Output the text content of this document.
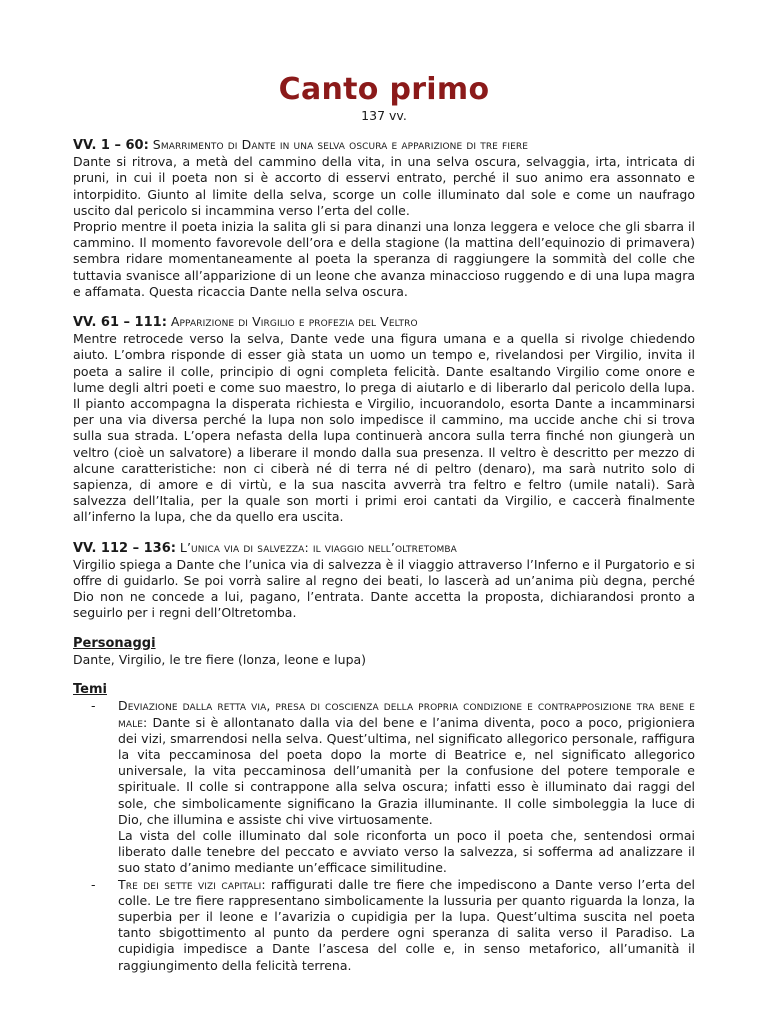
Canto primo
137 vv.

VV. 1 – 60: Smarrimento di Dante in una selva oscura e apparizione di tre fiere

Dante si ritrova, a metà del cammino della vita, in una selva oscura, selvaggia, irta, intricata di pruni, in cui il poeta non si è accorto di esservi entrato, perché il suo animo era assonnato e intorpidito. Giunto al limite della selva, scorge un colle illuminato dal sole e come un naufrago uscito dal pericolo si incammina verso l’erta del colle.

Proprio mentre il poeta inizia la salita gli si para dinanzi una lonza leggera e veloce che gli sbarra il cammino. Il momento favorevole dell’ora e della stagione (la mattina dell’equinozio di primavera) sembra ridare momentaneamente al poeta la speranza di raggiungere la sommità del colle che tuttavia svanisce all’apparizione di un leone che avanza minaccioso ruggendo e di una lupa magra e affamata. Questa ricaccia Dante nella selva oscura.

VV. 61 – 111: Apparizione di Virgilio e profezia del Veltro

Mentre retrocede verso la selva, Dante vede una figura umana e a quella si rivolge chiedendo aiuto. L’ombra risponde di esser già stata un uomo un tempo e, rivelandosi per Virgilio, invita il poeta a salire il colle, principio di ogni completa felicità. Dante esaltando Virgilio come onore e lume degli altri poeti e come suo maestro, lo prega di aiutarlo e di liberarlo dal pericolo della lupa. Il pianto accompagna la disperata richiesta e Virgilio, incuorandolo, esorta Dante a incamminarsi per una via diversa perché la lupa non solo impedisce il cammino, ma uccide anche chi si trova sulla sua strada. L’opera nefasta della lupa continuerà ancora sulla terra finché non giungerà un veltro (cioè un salvatore) a liberare il mondo dalla sua presenza. Il veltro è descritto per mezzo di alcune caratteristiche: non ci ciberà né di terra né di peltro (denaro), ma sarà nutrito solo di sapienza, di amore e di virtù, e la sua nascita avverrà tra feltro e feltro (umile natali). Sarà salvezza dell’Italia, per la quale son morti i primi eroi cantati da Virgilio, e caccerà finalmente all’inferno la lupa, che da quello era uscita.

VV. 112 – 136: L’unica via di salvezza: il viaggio nell’oltretomba

Virgilio spiega a Dante che l’unica via di salvezza è il viaggio attraverso l’Inferno e il Purgatorio e si offre di guidarlo. Se poi vorrà salire al regno dei beati, lo lascerà ad un’anima più degna, perché Dio non ne concede a lui, pagano, l’entrata. Dante accetta la proposta, dichiarandosi pronto a seguirlo per i regni dell’Oltretomba.

Personaggi

Dante, Virgilio, le tre fiere (lonza, leone e lupa)

Temi

- Deviazione dalla retta via, presa di coscienza della propria condizione e contrapposizione tra bene e male: Dante si è allontanato dalla via del bene e l’anima diventa, poco a poco, prigioniera dei vizi, smarrendosi nella selva. Quest’ultima, nel significato allegorico personale, raffigura la vita peccaminosa del poeta dopo la morte di Beatrice e, nel significato allegorico universale, la vita peccaminosa dell’umanità per la confusione del potere temporale e spirituale. Il colle si contrappone alla selva oscura; infatti esso è illuminato dai raggi del sole, che simbolicamente significano la Grazia illuminante. Il colle simboleggia la luce di Dio, che illumina e assiste chi vive virtuosamente.

La vista del colle illuminato dal sole riconforta un poco il poeta che, sentendosi ormai liberato dalle tenebre del peccato e avviato verso la salvezza, si sofferma ad analizzare il suo stato d’animo mediante un’efficace similitudine.

- Tre dei sette vizi capitali: raffigurati dalle tre fiere che impediscono a Dante verso l’erta del colle. Le tre fiere rappresentano simbolicamente la lussuria per quanto riguarda la lonza, la superbia per il leone e l’avarizia o cupidigia per la lupa. Quest’ultima suscita nel poeta tanto sbigottimento al punto da perdere ogni speranza di salita verso il Paradiso. La cupidigia impedisce a Dante l’ascesa del colle e, in senso metaforico, all’umanità il raggiungimento della felicità terrena.
